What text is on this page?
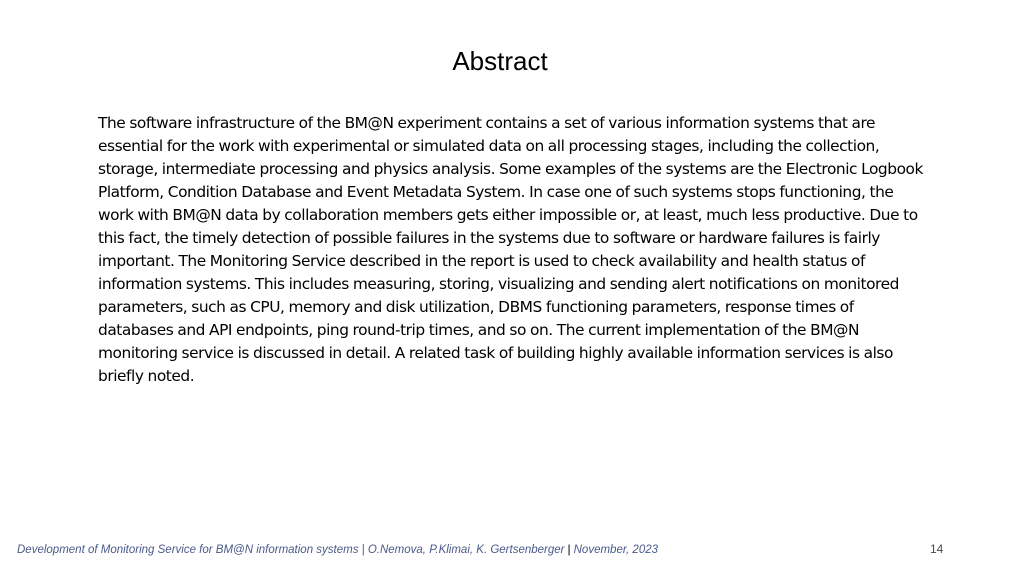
Abstract

The software infrastructure of the BM@N experiment contains a set of various information systems that are essential for the work with experimental or simulated data on all processing stages, including the collection, storage, intermediate processing and physics analysis. Some examples of the systems are the Electronic Logbook Platform, Condition Database and Event Metadata System. In case one of such systems stops functioning, the work with BM@N data by collaboration members gets either impossible or, at least, much less productive. Due to this fact, the timely detection of possible failures in the systems due to software or hardware failures is fairly important. The Monitoring Service described in the report is used to check availability and health status of information systems. This includes measuring, storing, visualizing and sending alert notifications on monitored parameters, such as CPU, memory and disk utilization, DBMS functioning parameters, response times of databases and API endpoints, ping round-trip times, and so on. The current implementation of the BM@N monitoring service is discussed in detail. A related task of building highly available information services is also briefly noted.

Development of Monitoring Service for BM@N information systems | O.Nemova, P.Klimai, K. Gertsenberger | November, 2023	14
